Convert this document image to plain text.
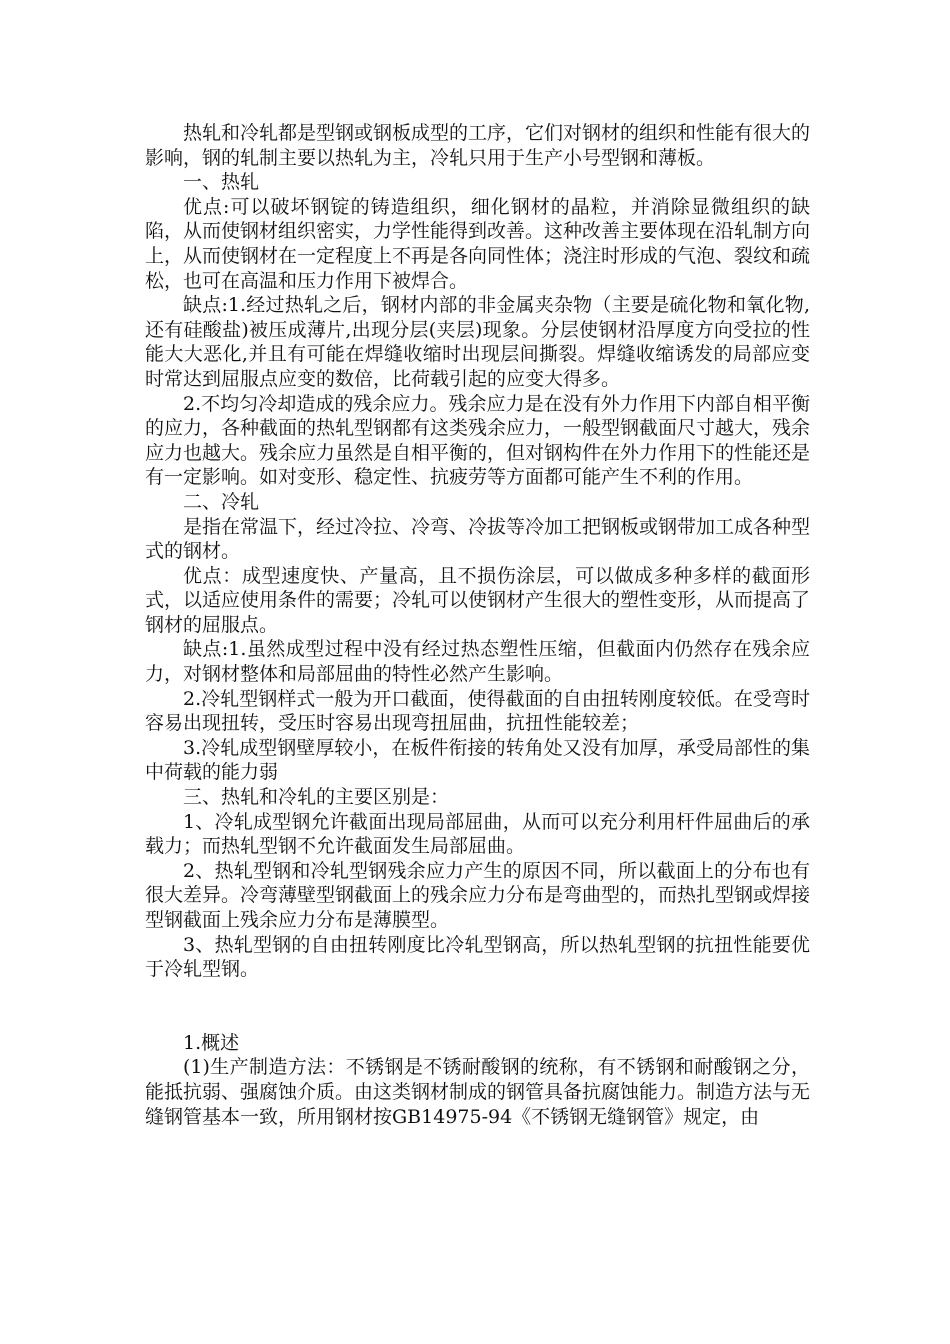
热轧和冷轧都是型钢或钢板成型的工序，它们对钢材的组织和性能有很大的影响，钢的轧制主要以热轧为主，冷轧只用于生产小号型钢和薄板。

一、热轧

优点:可以破坏钢锭的铸造组织，细化钢材的晶粒，并消除显微组织的缺陷，从而使钢材组织密实，力学性能得到改善。这种改善主要体现在沿轧制方向上，从而使钢材在一定程度上不再是各向同性体；浇注时形成的气泡、裂纹和疏松，也可在高温和压力作用下被焊合。

缺点:1.经过热轧之后，钢材内部的非金属夹杂物（主要是硫化物和氧化物,还有硅酸盐)被压成薄片,出现分层(夹层)现象。分层使钢材沿厚度方向受拉的性能大大恶化,并且有可能在焊缝收缩时出现层间撕裂。焊缝收缩诱发的局部应变时常达到屈服点应变的数倍，比荷载引起的应变大得多。

2.不均匀冷却造成的残余应力。残余应力是在没有外力作用下内部自相平衡的应力，各种截面的热轧型钢都有这类残余应力，一般型钢截面尺寸越大，残余应力也越大。残余应力虽然是自相平衡的，但对钢构件在外力作用下的性能还是有一定影响。如对变形、稳定性、抗疲劳等方面都可能产生不利的作用。

二、冷轧

是指在常温下，经过冷拉、冷弯、冷拔等冷加工把钢板或钢带加工成各种型式的钢材。

优点：成型速度快、产量高，且不损伤涂层，可以做成多种多样的截面形式，以适应使用条件的需要；冷轧可以使钢材产生很大的塑性变形，从而提高了钢材的屈服点。

缺点:1.虽然成型过程中没有经过热态塑性压缩，但截面内仍然存在残余应力，对钢材整体和局部屈曲的特性必然产生影响。

2.冷轧型钢样式一般为开口截面，使得截面的自由扭转刚度较低。在受弯时容易出现扭转，受压时容易出现弯扭屈曲，抗扭性能较差；

3.冷轧成型钢壁厚较小，在板件衔接的转角处又没有加厚，承受局部性的集中荷载的能力弱

三、热轧和冷轧的主要区别是：

1、冷轧成型钢允许截面出现局部屈曲，从而可以充分利用杆件屈曲后的承载力；而热轧型钢不允许截面发生局部屈曲。

2、热轧型钢和冷轧型钢残余应力产生的原因不同，所以截面上的分布也有很大差异。冷弯薄壁型钢截面上的残余应力分布是弯曲型的，而热扎型钢或焊接型钢截面上残余应力分布是薄膜型。

3、热轧型钢的自由扭转刚度比冷轧型钢高，所以热轧型钢的抗扭性能要优于冷轧型钢。

1.概述

(1)生产制造方法：不锈钢是不锈耐酸钢的统称，有不锈钢和耐酸钢之分，能抵抗弱、强腐蚀介质。由这类钢材制成的钢管具备抗腐蚀能力。制造方法与无缝钢管基本一致，所用钢材按GB14975-94《不锈钢无缝钢管》规定，由
